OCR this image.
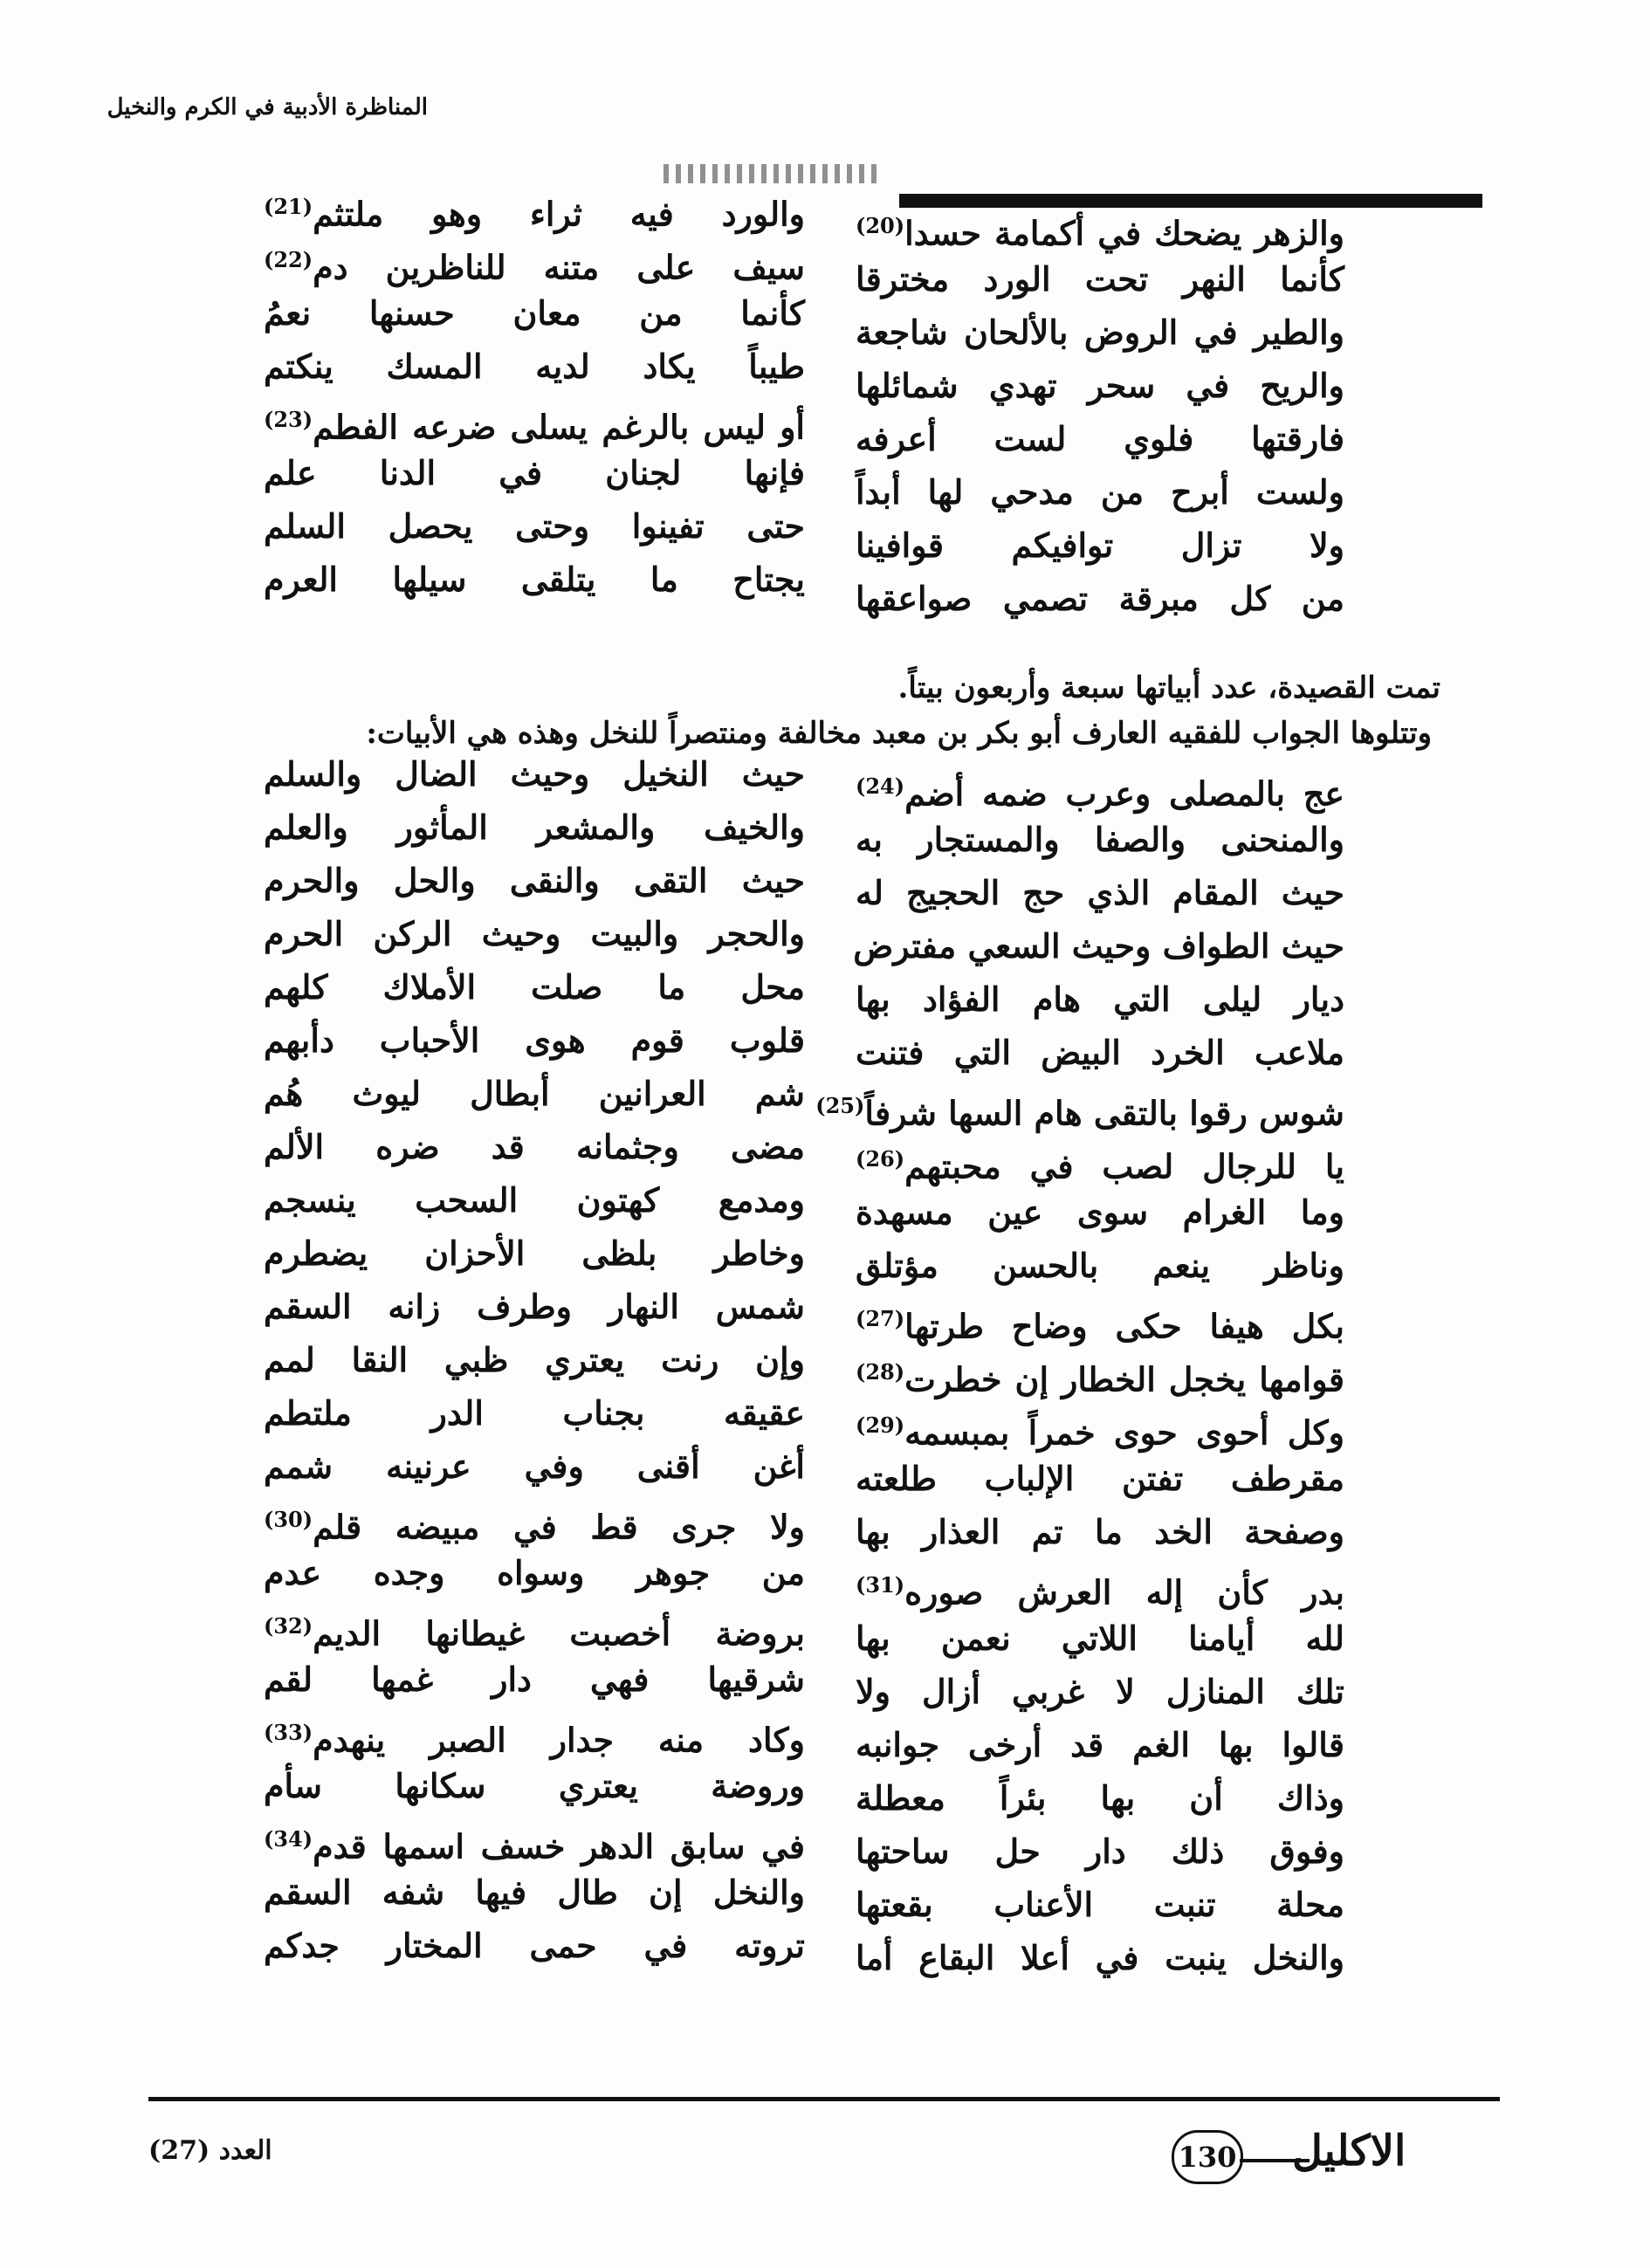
المناظرة الأدبية في الكرم والنخيل
والزهر يضحك في أكمامة حسدا$^{(20)}$
كأنما النهر تحت الورد مخترقا
والطير في الروض بالألحان شاجعة
والريح في سحر تهدي شمائلها
فارقتها فلوي لست أعرفه
ولست أبرح من مدحي لها أبداً
ولا تزال توافيكم قوافينا
من كل مبرقة تصمي صواعقها
والورد فيه ثراء وهو ملتثم$^{(21)}$
سيف على متنه للناظرين دم$^{(22)}$
كأنما من معان حسنها نعمُ
طيباً يكاد لديه المسك ينكتم
أو ليس بالرغم يسلى ضرعه الفطم$^{(23)}$
فإنها لجنان في الدنا علم
حتى تفينوا وحتى يحصل السلم
يجتاح ما يتلقى سيلها العرم
تمت القصيدة، عدد أبياتها سبعة وأربعون بيتاً.
وتتلوها الجواب للفقيه العارف أبو بكر بن معبد مخالفة ومنتصراً للنخل وهذه هي الأبيات:
عج بالمصلى وعرب ضمه أضم$^{(24)}$
والمنحنى والصفا والمستجار به
حيث المقام الذي حج الحجيج له
حيث الطواف وحيث السعي مفترض
ديار ليلى التي هام الفؤاد بها
ملاعب الخرد البيض التي فتنت
شوس رقوا بالتقى هام السها شرفاً$^{(25)}$
يا للرجال لصب في محبتهم$^{(26)}$
وما الغرام سوى عين مسهدة
وناظر ينعم بالحسن مؤتلق
بكل هيفا حكى وضاح طرتها$^{(27)}$
قوامها يخجل الخطار إن خطرت$^{(28)}$
وكل أحوى حوى خمراً بمبسمه$^{(29)}$
مقرطف تفتن الإلباب طلعته
وصفحة الخد ما تم العذار بها
بدر كأن إله العرش صوره$^{(31)}$
لله أيامنا اللاتي نعمن بها
تلك المنازل لا غربي أزال ولا
قالوا بها الغم قد أرخى جوانبه
وذاك أن بها بئراً معطلة
وفوق ذلك دار حل ساحتها
محلة تنبت الأعناب بقعتها
والنخل ينبت في أعلا البقاع أما
حيث النخيل وحيث الضال والسلم
والخيف والمشعر المأثور والعلم
حيث التقى والنقى والحل والحرم
والحجر والبيت وحيث الركن الحرم
محل ما صلت الأملاك كلهم
قلوب قوم هوى الأحباب دأبهم
شم العرانين أبطال ليوث هُم
مضى وجثمانه قد ضره الألم
ومدمع كهتون السحب ينسجم
وخاطر بلظى الأحزان يضطرم
شمس النهار وطرف زانه السقم
وإن رنت يعتري ظبي النقا لمم
عقيقه بجناب الدر ملتطم
أغن أقنى وفي عرنينه شمم
ولا جرى قط في مبيضه قلم$^{(30)}$
من جوهر وسواه وجده عدم
بروضة أخصبت غيطانها الديم$^{(32)}$
شرقيها فهي دار غمها لقم
وكاد منه جدار الصبر ينهدم$^{(33)}$
وروضة يعتري سكانها سأم
في سابق الدهر خسف اسمها قدم$^{(34)}$
والنخل إن طال فيها شفه السقم
تروته في حمى المختار جدكم
العدد (27)	130 الاكليل
